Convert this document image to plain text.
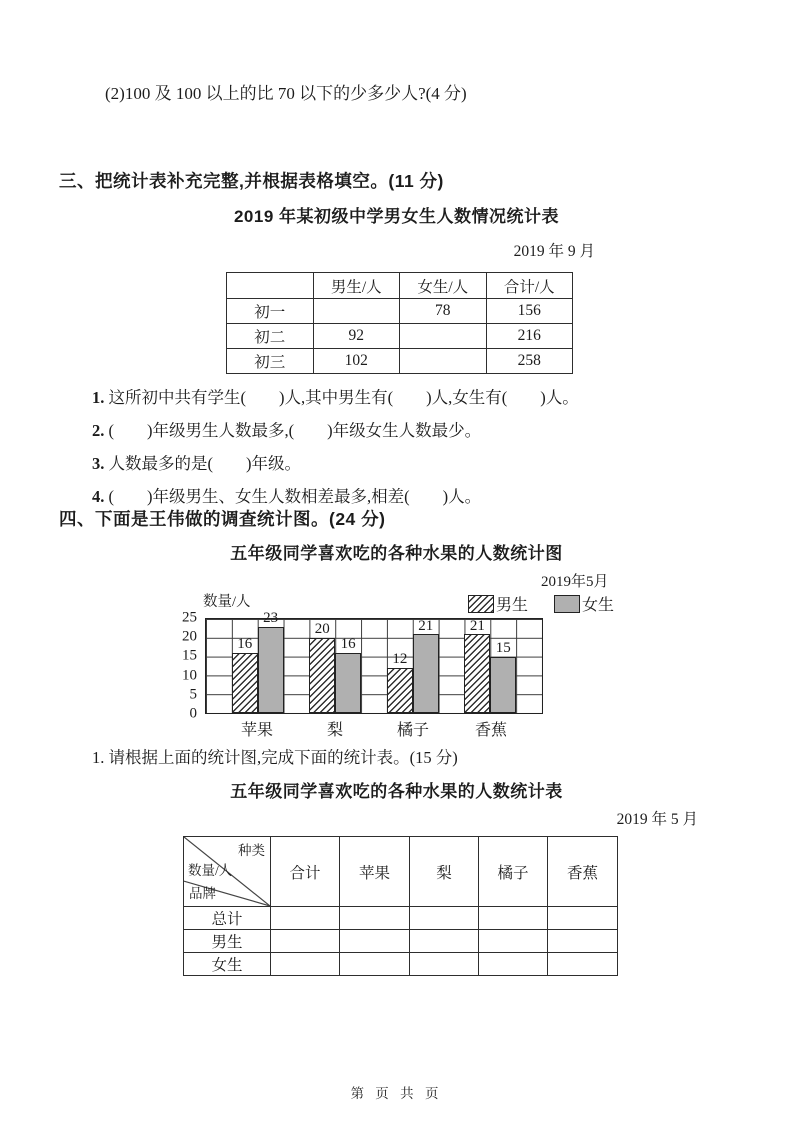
(2)100 及 100 以上的比 70 以下的少多少人?(4 分)
三、把统计表补充完整,并根据表格填空。(11 分)
2019 年某初级中学男女生人数情况统计表
2019 年 9 月
	男生/人	女生/人	合计/人
初一		78	156
初二	92		216
初三	102		258
1. 这所初中共有学生(　　)人,其中男生有(　　)人,女生有(　　)人。
2. (　　)年级男生人数最多,(　　)年级女生人数最少。
3. 人数最多的是(　　)年级。
4. (　　)年级男生、女生人数相差最多,相差(　　)人。
四、下面是王伟做的调查统计图。(24 分)
五年级同学喜欢吃的各种水果的人数统计图
2019年5月
男生	女生
数量/人
16
20
12
21
23
16
21
15
0
5
10
15
20
25
苹果	梨	橘子	香蕉
1. 请根据上面的统计图,完成下面的统计表。(15 分)
五年级同学喜欢吃的各种水果的人数统计表
2019 年 5 月
种类
数量/人
品牌	合计	苹果	梨	橘子	香蕉
总计					
男生					
女生					
第 页 共 页
